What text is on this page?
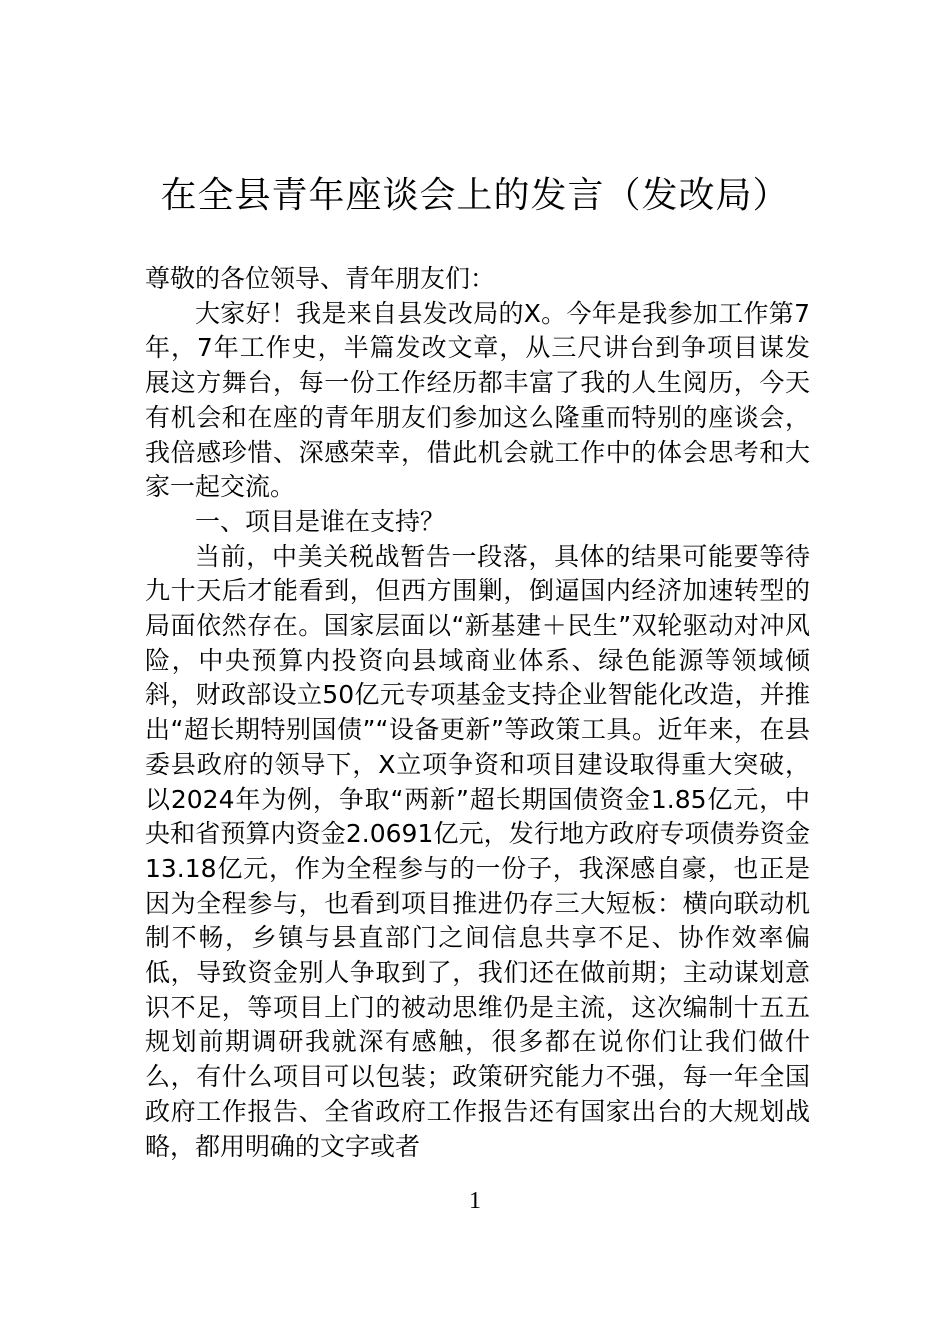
在全县青年座谈会上的发言（发改局）

尊敬的各位领导、青年朋友们：

大家好！我是来自县发改局的X。今年是我参加工作第7年，7年工作史，半篇发改文章，从三尺讲台到争项目谋发展这方舞台，每一份工作经历都丰富了我的人生阅历，今天有机会和在座的青年朋友们参加这么隆重而特别的座谈会，我倍感珍惜、深感荣幸，借此机会就工作中的体会思考和大家一起交流。

一、项目是谁在支持？

当前，中美关税战暂告一段落，具体的结果可能要等待九十天后才能看到，但西方围剿，倒逼国内经济加速转型的局面依然存在。国家层面以“新基建＋民生”双轮驱动对冲风险，中央预算内投资向县域商业体系、绿色能源等领域倾斜，财政部设立50亿元专项基金支持企业智能化改造，并推出“超长期特别国债”“设备更新”等政策工具。近年来，在县委县政府的领导下，X立项争资和项目建设取得重大突破，以2024年为例，争取“两新”超长期国债资金1.85亿元，中央和省预算内资金2.0691亿元，发行地方政府专项债券资金13.18亿元，作为全程参与的一份子，我深感自豪，也正是因为全程参与，也看到项目推进仍存三大短板：横向联动机制不畅，乡镇与县直部门之间信息共享不足、协作效率偏低，导致资金别人争取到了，我们还在做前期；主动谋划意识不足，等项目上门的被动思维仍是主流，这次编制十五五规划前期调研我就深有感触，很多都在说你们让我们做什么，有什么项目可以包装；政策研究能力不强，每一年全国政府工作报告、全省政府工作报告还有国家出台的大规划战略，都用明确的文字或者

1
